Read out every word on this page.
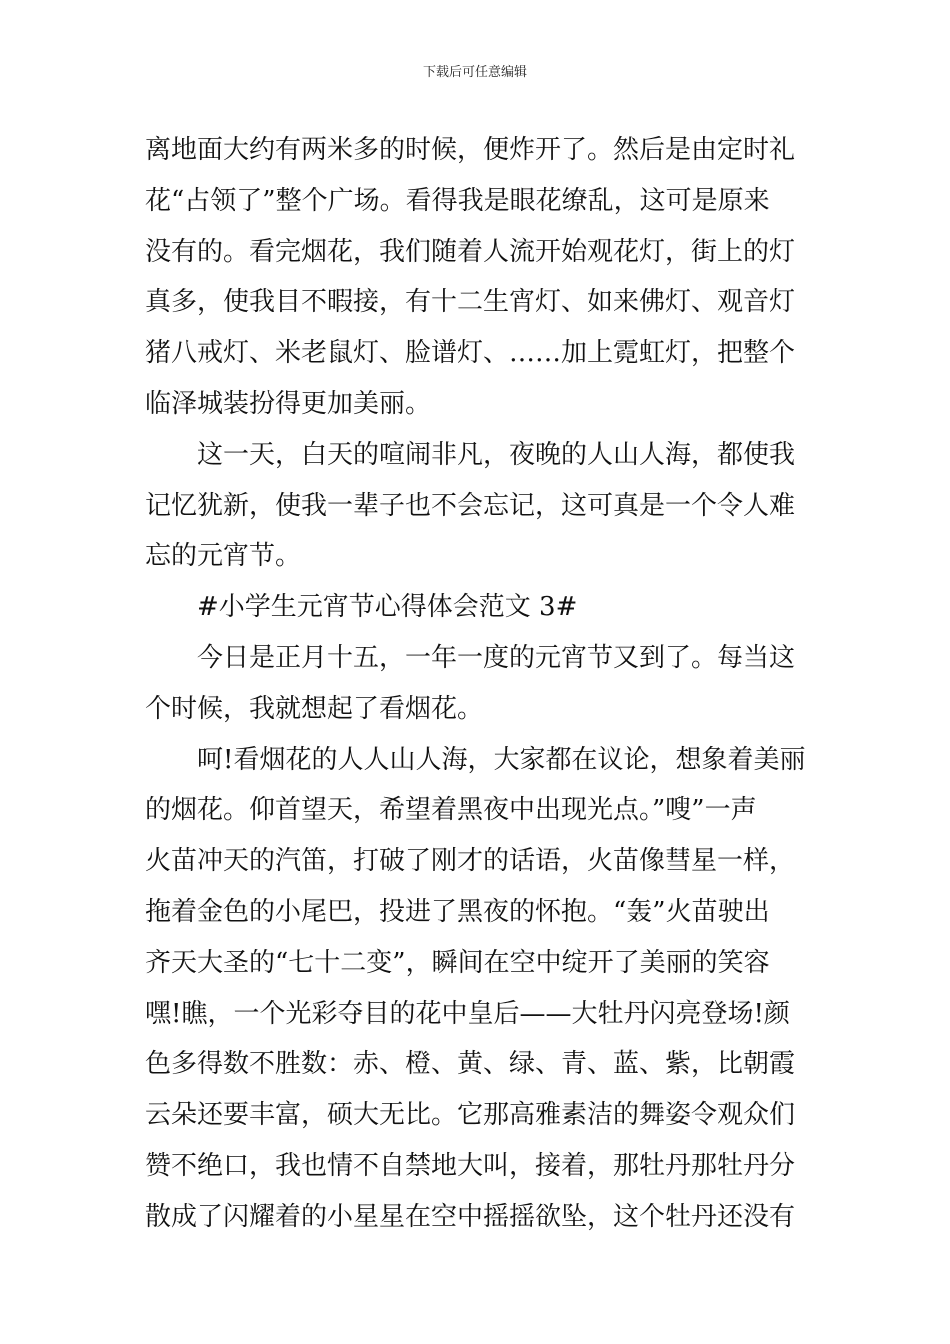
下载后可任意编辑
离地面大约有两米多的时候，便炸开了。然后是由定时礼
花“占领了”整个广场。看得我是眼花缭乱，这可是原来
没有的。看完烟花，我们随着人流开始观花灯，街上的灯
真多，使我目不暇接，有十二生宵灯、如来佛灯、观音灯
猪八戒灯、米老鼠灯、脸谱灯、……加上霓虹灯，把整个
临泽城装扮得更加美丽。
这一天，白天的喧闹非凡，夜晚的人山人海，都使我
记忆犹新，使我一辈子也不会忘记，这可真是一个令人难
忘的元宵节。
#小学生元宵节心得体会范文 3#
今日是正月十五，一年一度的元宵节又到了。每当这
个时候，我就想起了看烟花。
呵!看烟花的人人山人海，大家都在议论，想象着美丽
的烟花。仰首望天，希望着黑夜中出现光点。”嗖”一声
火苗冲天的汽笛，打破了刚才的话语，火苗像彗星一样，
拖着金色的小尾巴，投进了黑夜的怀抱。“轰”火苗驶出
齐天大圣的“七十二变”，瞬间在空中绽开了美丽的笑容
嘿!瞧，一个光彩夺目的花中皇后——大牡丹闪亮登场!颜
色多得数不胜数：赤、橙、黄、绿、青、蓝、紫，比朝霞
云朵还要丰富，硕大无比。它那高雅素洁的舞姿令观众们
赞不绝口，我也情不自禁地大叫，接着，那牡丹那牡丹分
散成了闪耀着的小星星在空中摇摇欲坠，这个牡丹还没有
